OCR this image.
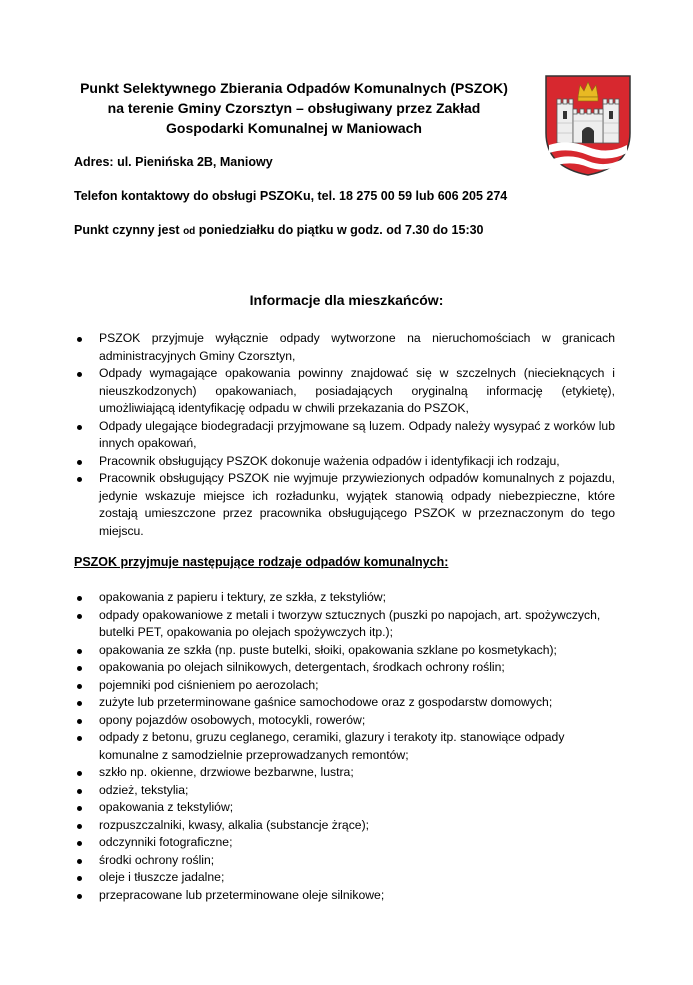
Punkt Selektywnego Zbierania Odpadów Komunalnych (PSZOK)
na terenie Gminy Czorsztyn – obsługiwany przez Zakład
Gospodarki Komunalnej w Maniowach
Adres: ul. Pienińska 2B, Maniowy
Telefon kontaktowy do obsługi PSZOKu, tel. 18 275 00 59 lub 606 205 274
Punkt czynny jest od poniedziałku do piątku w godz. od 7.30 do 15:30
Informacje dla mieszkańców:
PSZOK przyjmuje wyłącznie odpady wytworzone na nieruchomościach w granicach administracyjnych Gminy Czorsztyn,
Odpady wymagające opakowania powinny znajdować się w szczelnych (niecieknących i nieuszkodzonych) opakowaniach, posiadających oryginalną informację (etykietę), umożliwiającą identyfikację odpadu w chwili przekazania do PSZOK,
Odpady ulegające biodegradacji przyjmowane są luzem. Odpady należy wysypać z worków lub innych opakowań,
Pracownik obsługujący PSZOK dokonuje ważenia odpadów i identyfikacji ich rodzaju,
Pracownik obsługujący PSZOK nie wyjmuje przywiezionych odpadów komunalnych z pojazdu, jedynie wskazuje miejsce ich rozładunku, wyjątek stanowią odpady niebezpieczne, które zostają umieszczone przez pracownika obsługującego PSZOK w przeznaczonym do tego miejscu.
PSZOK przyjmuje następujące rodzaje odpadów komunalnych:
opakowania z papieru i tektury, ze szkła, z tekstyliów;
odpady opakowaniowe z metali i tworzyw sztucznych (puszki po napojach, art. spożywczych, butelki PET, opakowania po olejach spożywczych itp.);
opakowania ze szkła (np. puste butelki, słoiki, opakowania szklane po kosmetykach);
opakowania po olejach silnikowych, detergentach, środkach ochrony roślin;
pojemniki pod ciśnieniem po aerozolach;
zużyte lub przeterminowane gaśnice samochodowe oraz z gospodarstw domowych;
opony pojazdów osobowych, motocykli, rowerów;
odpady z betonu, gruzu ceglanego, ceramiki, glazury i terakoty itp. stanowiące odpady komunalne z samodzielnie przeprowadzanych remontów;
szkło np. okienne, drzwiowe bezbarwne, lustra;
odzież, tekstylia;
opakowania z tekstyliów;
rozpuszczalniki, kwasy, alkalia (substancje żrące);
odczynniki fotograficzne;
środki ochrony roślin;
oleje i tłuszcze jadalne;
przepracowane lub przeterminowane oleje silnikowe;
